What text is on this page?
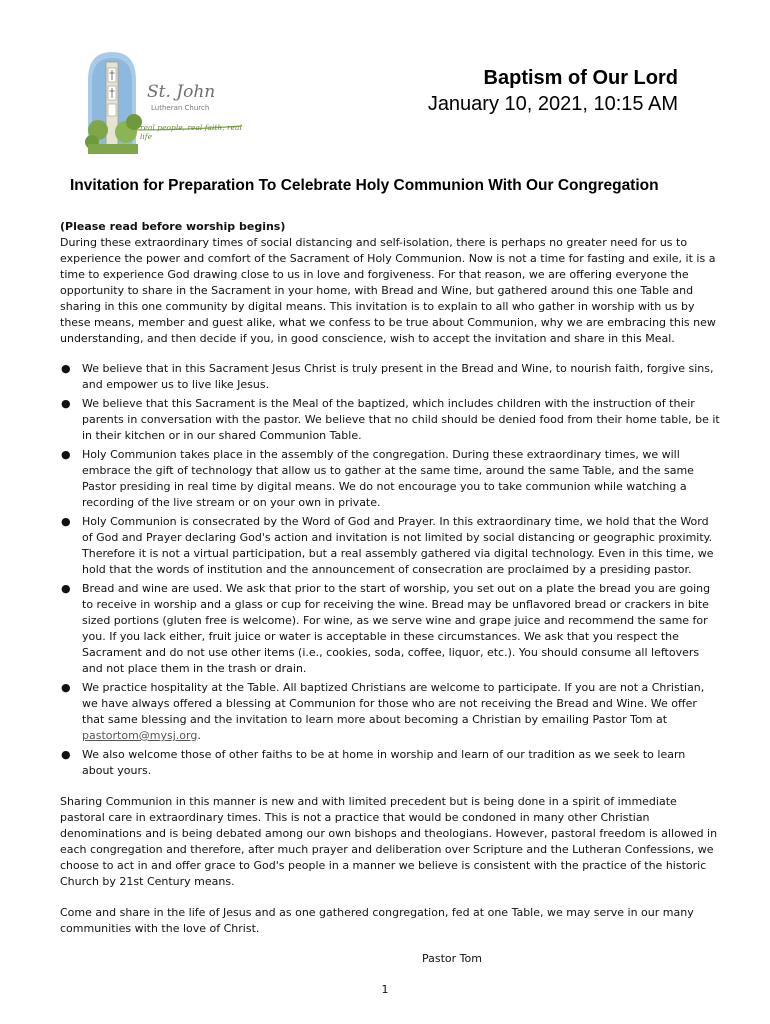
St. John
Lutheran Church
real people, real faith, real life
Baptism of Our Lord
January 10, 2021, 10:15 AM
Invitation for Preparation To Celebrate Holy Communion With Our Congregation

(Please read before worship begins)

During these extraordinary times of social distancing and self-isolation, there is perhaps no greater need for us to experience the power and comfort of the Sacrament of Holy Communion. Now is not a time for fasting and exile, it is a time to experience God drawing close to us in love and forgiveness. For that reason, we are offering everyone the opportunity to share in the Sacrament in your home, with Bread and Wine, but gathered around this one Table and sharing in this one community by digital means. This invitation is to explain to all who gather in worship with us by these means, member and guest alike, what we confess to be true about Communion, why we are embracing this new understanding, and then decide if you, in good conscience, wish to accept the invitation and share in this Meal.

● We believe that in this Sacrament Jesus Christ is truly present in the Bread and Wine, to nourish faith, forgive sins, and empower us to live like Jesus.
● We believe that this Sacrament is the Meal of the baptized, which includes children with the instruction of their parents in conversation with the pastor. We believe that no child should be denied food from their home table, be it in their kitchen or in our shared Communion Table.
● Holy Communion takes place in the assembly of the congregation. During these extraordinary times, we will embrace the gift of technology that allow us to gather at the same time, around the same Table, and the same Pastor presiding in real time by digital means. We do not encourage you to take communion while watching a recording of the live stream or on your own in private.
● Holy Communion is consecrated by the Word of God and Prayer. In this extraordinary time, we hold that the Word of God and Prayer declaring God's action and invitation is not limited by social distancing or geographic proximity. Therefore it is not a virtual participation, but a real assembly gathered via digital technology. Even in this time, we hold that the words of institution and the announcement of consecration are proclaimed by a presiding pastor.
● Bread and wine are used. We ask that prior to the start of worship, you set out on a plate the bread you are going to receive in worship and a glass or cup for receiving the wine. Bread may be unflavored bread or crackers in bite sized portions (gluten free is welcome). For wine, as we serve wine and grape juice and recommend the same for you. If you lack either, fruit juice or water is acceptable in these circumstances. We ask that you respect the Sacrament and do not use other items (i.e., cookies, soda, coffee, liquor, etc.). You should consume all leftovers and not place them in the trash or drain.
● We practice hospitality at the Table. All baptized Christians are welcome to participate. If you are not a Christian, we have always offered a blessing at Communion for those who are not receiving the Bread and Wine. We offer that same blessing and the invitation to learn more about becoming a Christian by emailing Pastor Tom at pastortom@mysj.org.
● We also welcome those of other faiths to be at home in worship and learn of our tradition as we seek to learn about yours.

Sharing Communion in this manner is new and with limited precedent but is being done in a spirit of immediate pastoral care in extraordinary times. This is not a practice that would be condoned in many other Christian denominations and is being debated among our own bishops and theologians. However, pastoral freedom is allowed in each congregation and therefore, after much prayer and deliberation over Scripture and the Lutheran Confessions, we choose to act in and offer grace to God's people in a manner we believe is consistent with the practice of the historic Church by 21st Century means.

Come and share in the life of Jesus and as one gathered congregation, fed at one Table, we may serve in our many communities with the love of Christ.

Pastor Tom

1
